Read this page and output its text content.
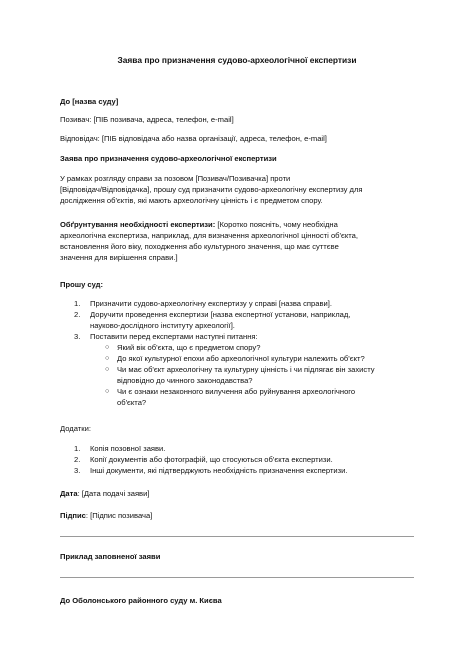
Заява про призначення судово-археологічної експертизи

До [назва суду]

Позивач: [ПІБ позивача, адреса, телефон, e-mail]

Відповідач: [ПІБ відповідача або назва організації, адреса, телефон, e-mail]

Заява про призначення судово-археологічної експертизи

У рамках розгляду справи за позовом [Позивач/Позивачка] проти

[Відповідач/Відповідачка], прошу суд призначити судово-археологічну експертизу для

дослідження об'єктів, які мають археологічну цінність і є предметом спору.

Обґрунтування необхідності експертизи: [Коротко поясніть, чому необхідна

археологічна експертиза, наприклад, для визначення археологічної цінності об'єкта,

встановлення його віку, походження або культурного значення, що має суттєве

значення для вирішення справи.]

Прошу суд:

1. Призначити судово-археологічну експертизу у справі [назва справи].

2. Доручити проведення експертизи [назва експертної установи, наприклад,

науково-дослідного інституту археології].

3. Поставити перед експертами наступні питання:

○ Який вік об'єкта, що є предметом спору?

○ До якої культурної епохи або археологічної культури належить об'єкт?

○ Чи має об'єкт археологічну та культурну цінність і чи підлягає він захисту

відповідно до чинного законодавства?

○ Чи є ознаки незаконного вилучення або руйнування археологічного

об'єкта?

Додатки:

1. Копія позовної заяви.

2. Копії документів або фотографій, що стосуються об'єкта експертизи.

3. Інші документи, які підтверджують необхідність призначення експертизи.

Дата: [Дата подачі заяви]

Підпис: [Підпис позивача]

Приклад заповненої заяви

До Оболонського районного суду м. Києва
